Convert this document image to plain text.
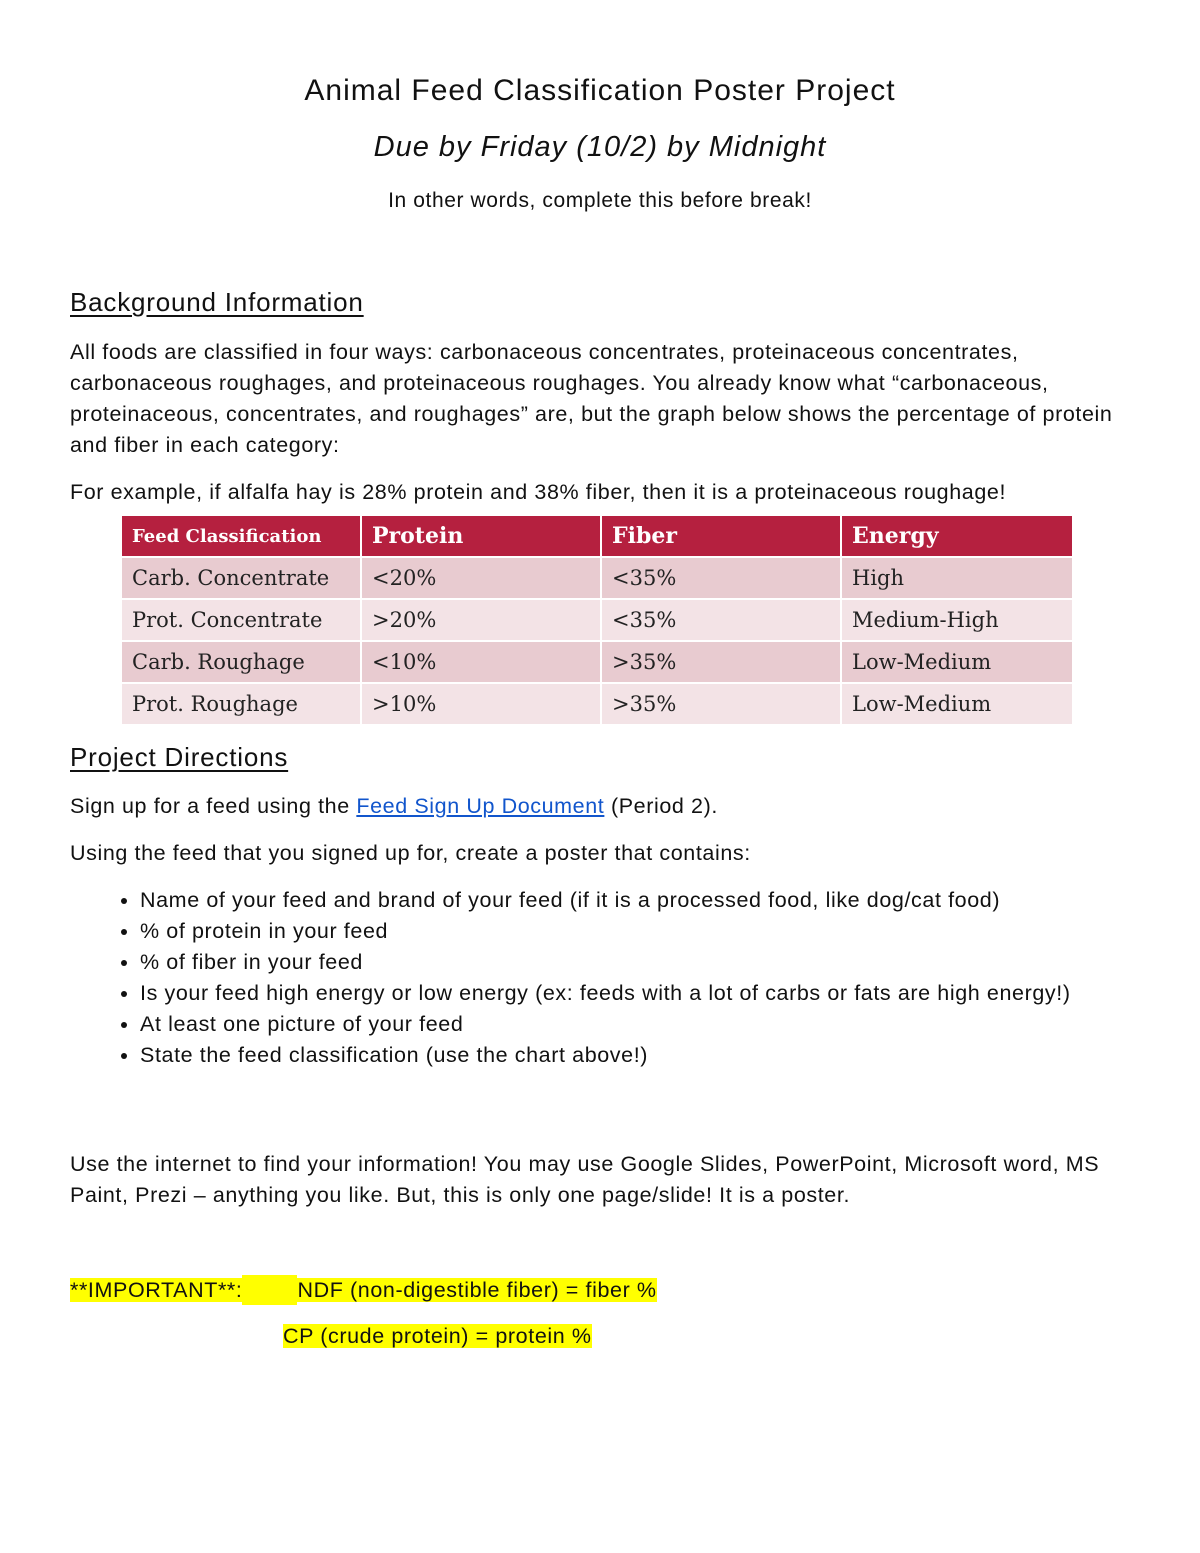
Animal Feed Classification Poster Project
Due by Friday (10/2) by Midnight
In other words, complete this before break!
Background Information

All foods are classified in four ways: carbonaceous concentrates, proteinaceous concentrates, carbonaceous roughages, and proteinaceous roughages. You already know what “carbonaceous, proteinaceous, concentrates, and roughages” are, but the graph below shows the percentage of protein and fiber in each category:

For example, if alfalfa hay is 28% protein and 38% fiber, then it is a proteinaceous roughage!

Feed Classification	Protein	Fiber	Energy
Carb. Concentrate	<20%	<35%	High
Prot. Concentrate	>20%	<35%	Medium-High
Carb. Roughage	<10%	>35%	Low-Medium
Prot. Roughage	>10%	>35%	Low-Medium
Project Directions

Sign up for a feed using the Feed Sign Up Document (Period 2).

Using the feed that you signed up for, create a poster that contains:

• Name of your feed and brand of your feed (if it is a processed food, like dog/cat food)
• % of protein in your feed
• % of fiber in your feed
• Is your feed high energy or low energy (ex: feeds with a lot of carbs or fats are high energy!)
• At least one picture of your feed
• State the feed classification (use the chart above!)

Use the internet to find your information! You may use Google Slides, PowerPoint, Microsoft word, MS Paint, Prezi – anything you like. But, this is only one page/slide! It is a poster.

**IMPORTANT**:	NDF (non-digestible fiber) = fiber %
CP (crude protein) = protein %
